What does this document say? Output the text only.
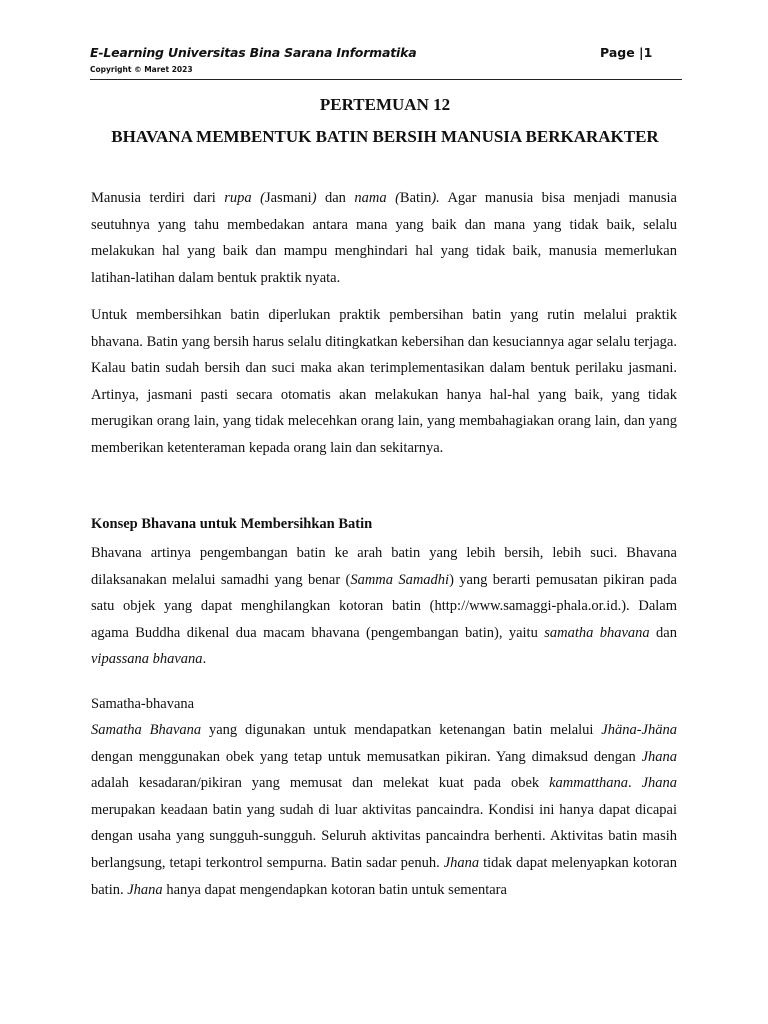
E-Learning Universitas Bina Sarana Informatika
Copyright © Maret 2023
Page |1
PERTEMUAN 12
BHAVANA MEMBENTUK BATIN BERSIH MANUSIA BERKARAKTER

Manusia terdiri dari rupa (Jasmani) dan nama (Batin). Agar manusia bisa menjadi manusia seutuhnya yang tahu membedakan antara mana yang baik dan mana yang tidak baik, selalu melakukan hal yang baik dan mampu menghindari hal yang tidak baik, manusia memerlukan latihan-latihan dalam bentuk praktik nyata.

Untuk membersihkan batin diperlukan praktik pembersihan batin yang rutin melalui praktik bhavana. Batin yang bersih harus selalu ditingkatkan kebersihan dan kesuciannya agar selalu terjaga. Kalau batin sudah bersih dan suci maka akan terimplementasikan dalam bentuk perilaku jasmani. Artinya, jasmani pasti secara otomatis akan melakukan hanya hal-hal yang baik, yang tidak merugikan orang lain, yang tidak melecehkan orang lain, yang membahagiakan orang lain, dan yang memberikan ketenteraman kepada orang lain dan sekitarnya.

Konsep Bhavana untuk Membersihkan Batin

Bhavana artinya pengembangan batin ke arah batin yang lebih bersih, lebih suci. Bhavana dilaksanakan melalui samadhi yang benar (Samma Samadhi) yang berarti pemusatan pikiran pada satu objek yang dapat menghilangkan kotoran batin (http://www.samaggi-phala.or.id.). Dalam agama Buddha dikenal dua macam bhavana (pengembangan batin), yaitu samatha bhavana dan vipassana bhavana.

Samatha-bhavana

Samatha Bhavana yang digunakan untuk mendapatkan ketenangan batin melalui Jhäna-Jhäna dengan menggunakan obek yang tetap untuk memusatkan pikiran. Yang dimaksud dengan Jhana adalah kesadaran/pikiran yang memusat dan melekat kuat pada obek kammatthana. Jhana merupakan keadaan batin yang sudah di luar aktivitas pancaindra. Kondisi ini hanya dapat dicapai dengan usaha yang sungguh-sungguh. Seluruh aktivitas pancaindra berhenti. Aktivitas batin masih berlangsung, tetapi terkontrol sempurna. Batin sadar penuh. Jhana tidak dapat melenyapkan kotoran batin. Jhana hanya dapat mengendapkan kotoran batin untuk sementara
